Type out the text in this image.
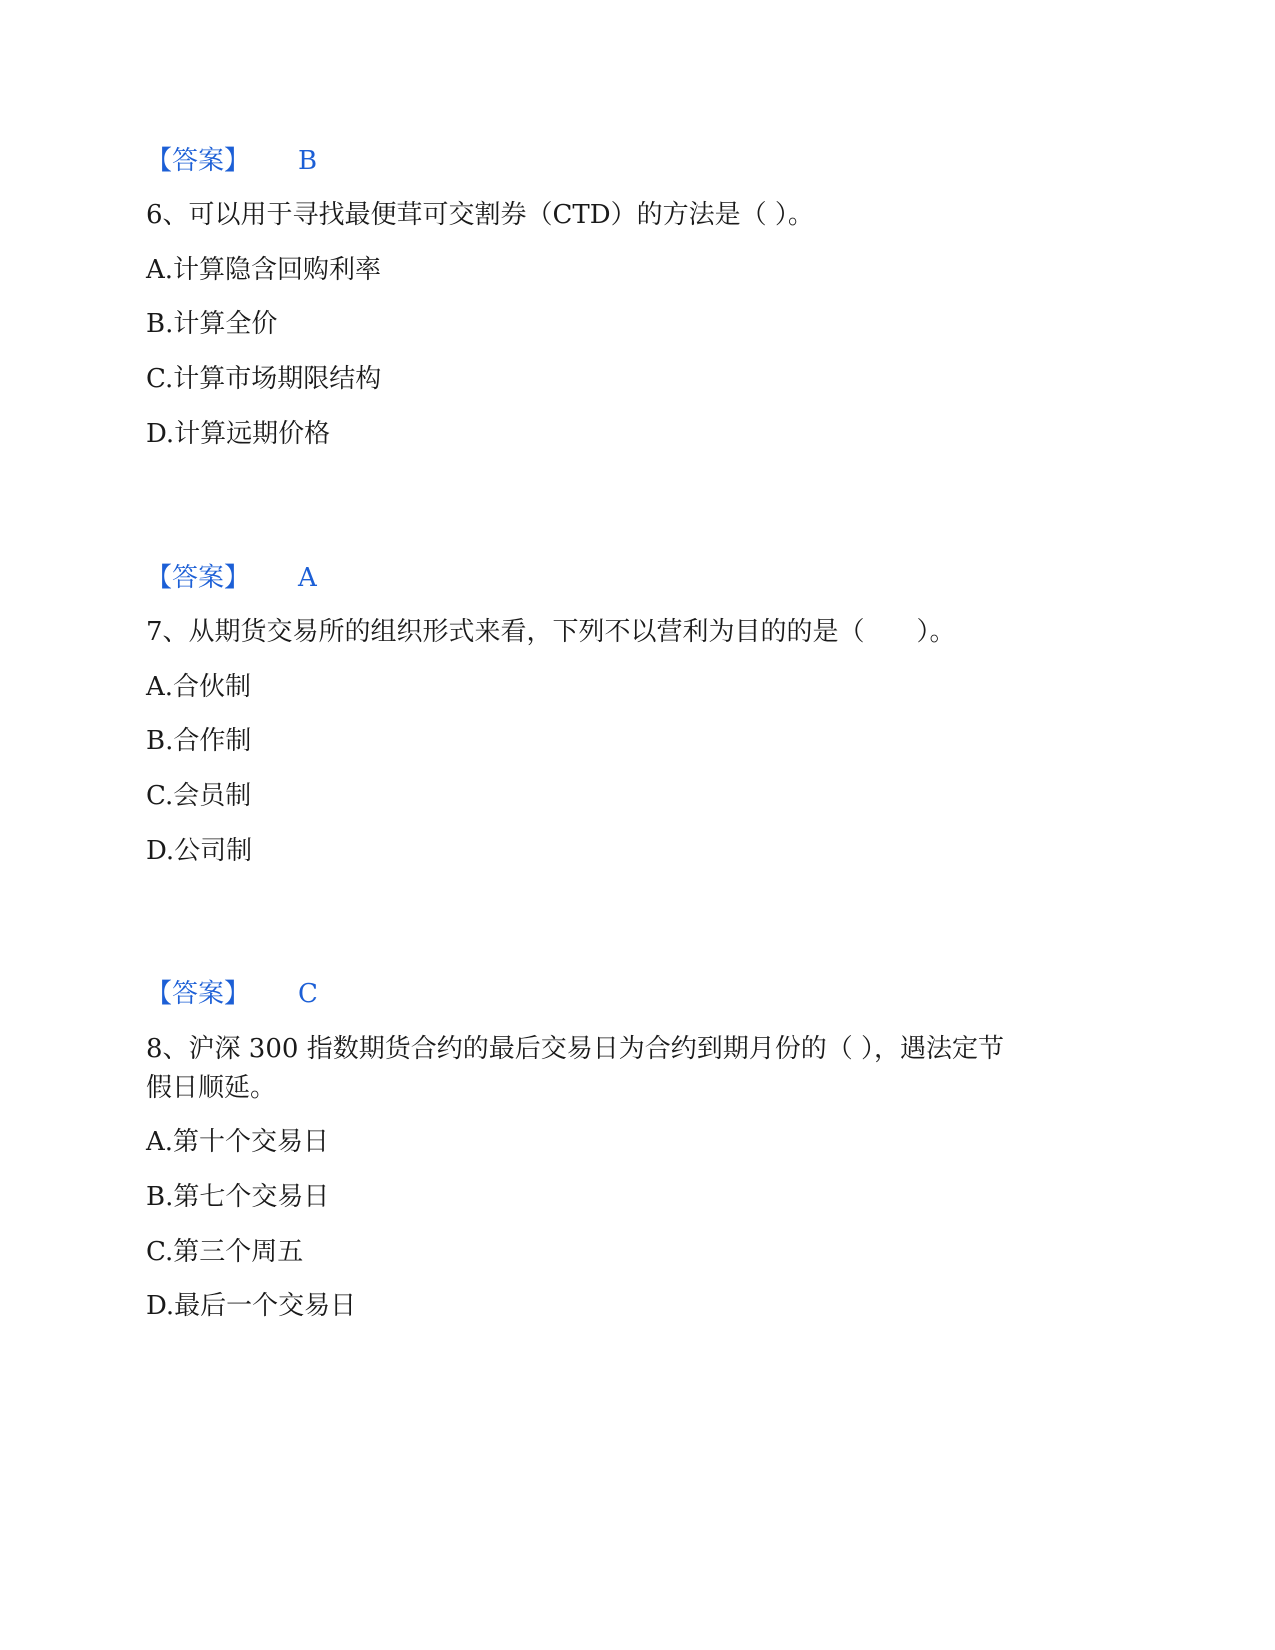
【答案】 B
6、可以用于寻找最便茸可交割券（CTD）的方法是（ ）。
A.计算隐含回购利率
B.计算全价
C.计算市场期限结构
D.计算远期价格
【答案】 A
7、从期货交易所的组织形式来看，下列不以营利为目的的是（　　）。
A.合伙制
B.合作制
C.会员制
D.公司制
【答案】 C
8、沪深 300 指数期货合约的最后交易日为合约到期月份的（ ），遇法定节
假日顺延。
A.第十个交易日
B.第七个交易日
C.第三个周五
D.最后一个交易日
